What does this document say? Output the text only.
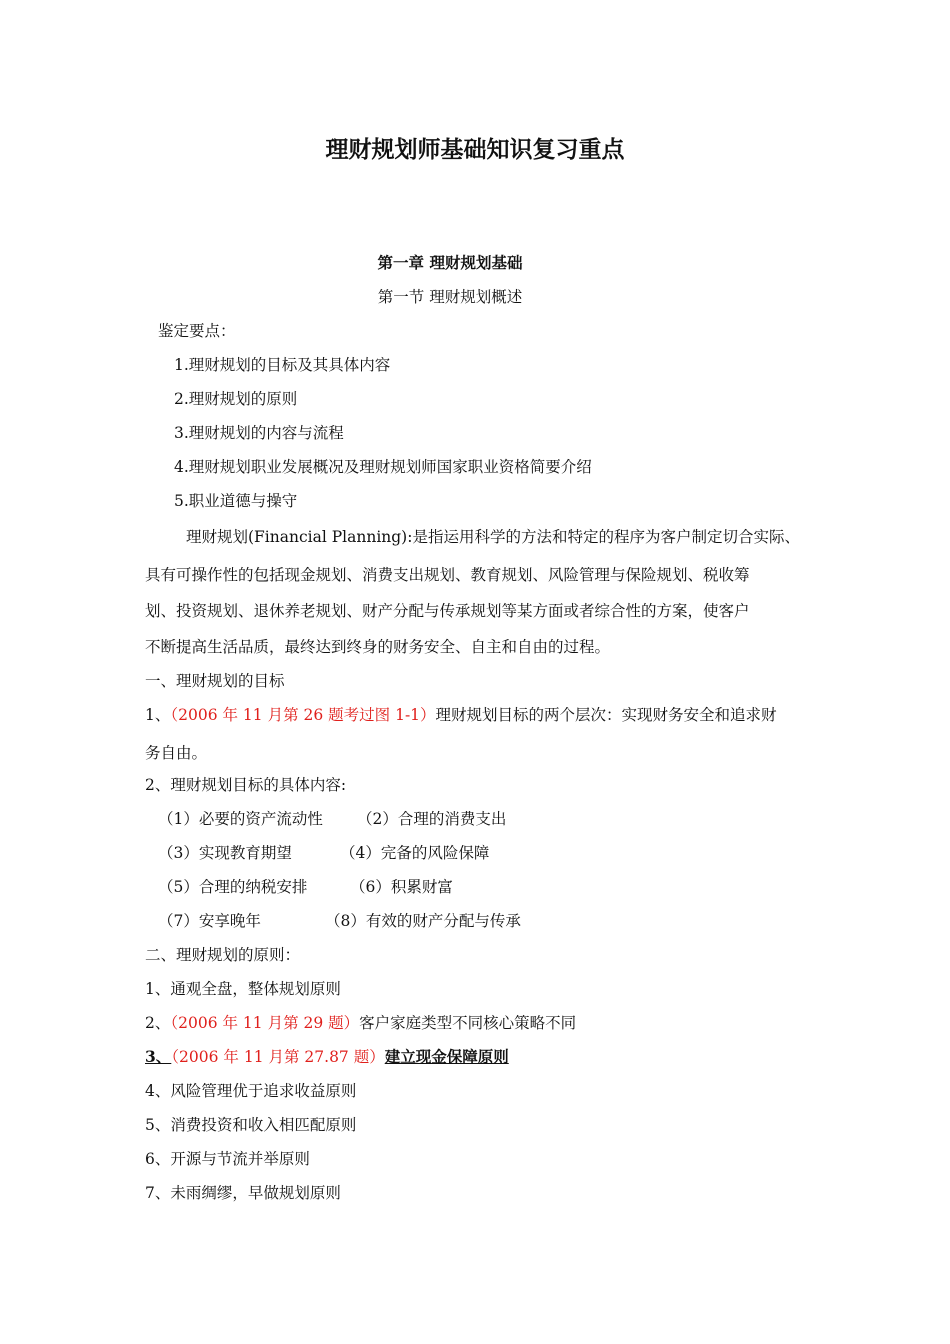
理财规划师基础知识复习重点
第一章 理财规划基础
第一节 理财规划概述
鉴定要点：
1.理财规划的目标及其具体内容
2.理财规划的原则
3.理财规划的内容与流程
4.理财规划职业发展概况及理财规划师国家职业资格简要介绍
5.职业道德与操守
理财规划(Financial Planning):是指运用科学的方法和特定的程序为客户制定切合实际、
具有可操作性的包括现金规划、消费支出规划、教育规划、风险管理与保险规划、税收筹
划、投资规划、退休养老规划、财产分配与传承规划等某方面或者综合性的方案，使客户
不断提高生活品质，最终达到终身的财务安全、自主和自由的过程。
一、理财规划的目标
1、（2006 年 11 月第 26 题考过图 1-1）理财规划目标的两个层次：实现财务安全和追求财
务自由。
2、理财规划目标的具体内容:
（1）必要的资产流动性 （2）合理的消费支出
（3）实现教育期望	（4）完备的风险保障
（5）合理的纳税安排	（6）积累财富
（7）安享晚年	（8）有效的财产分配与传承
二、理财规划的原则：
1、通观全盘，整体规划原则
2、（2006 年 11 月第 29 题）客户家庭类型不同核心策略不同
3、（2006 年 11 月第 27.87 题）建立现金保障原则
4、风险管理优于追求收益原则
5、消费投资和收入相匹配原则
6、开源与节流并举原则
7、未雨绸缪，早做规划原则
